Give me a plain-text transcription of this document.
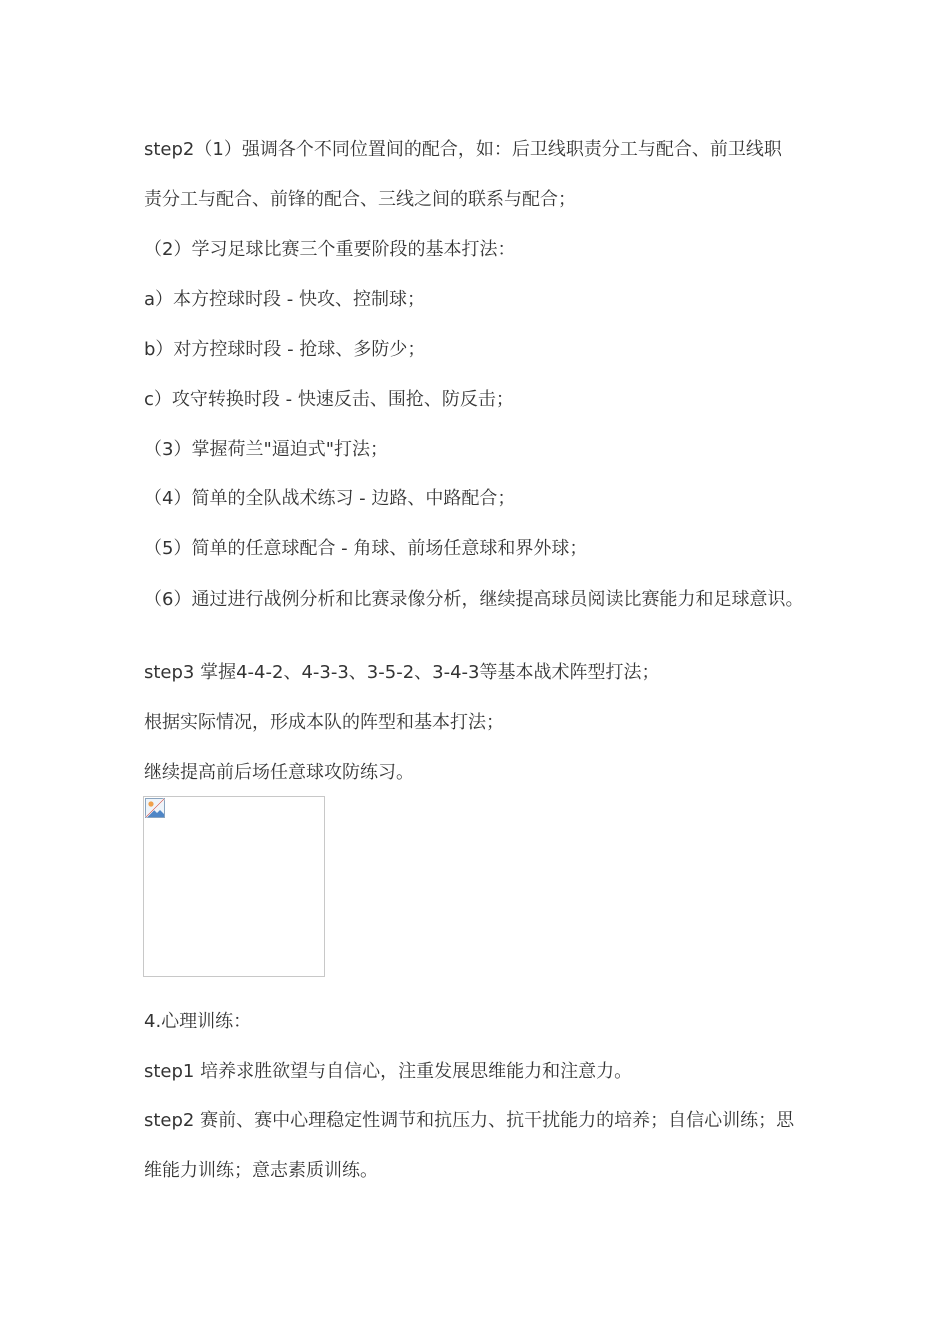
step2（1）强调各个不同位置间的配合，如：后卫线职责分工与配合、前卫线职

责分工与配合、前锋的配合、三线之间的联系与配合；

（2）学习足球比赛三个重要阶段的基本打法：

a）本方控球时段 - 快攻、控制球；

b）对方控球时段 - 抢球、多防少；

c）攻守转换时段 - 快速反击、围抢、防反击；

（3）掌握荷兰"逼迫式"打法；

（4）简单的全队战术练习 - 边路、中路配合；

（5）简单的任意球配合 - 角球、前场任意球和界外球；

（6）通过进行战例分析和比赛录像分析，继续提高球员阅读比赛能力和足球意识。

step3 掌握4-4-2、4-3-3、3-5-2、3-4-3等基本战术阵型打法；

根据实际情况，形成本队的阵型和基本打法；

继续提高前后场任意球攻防练习。

4.心理训练：

step1 培养求胜欲望与自信心，注重发展思维能力和注意力。

step2 赛前、赛中心理稳定性调节和抗压力、抗干扰能力的培养；自信心训练；思

维能力训练；意志素质训练。
